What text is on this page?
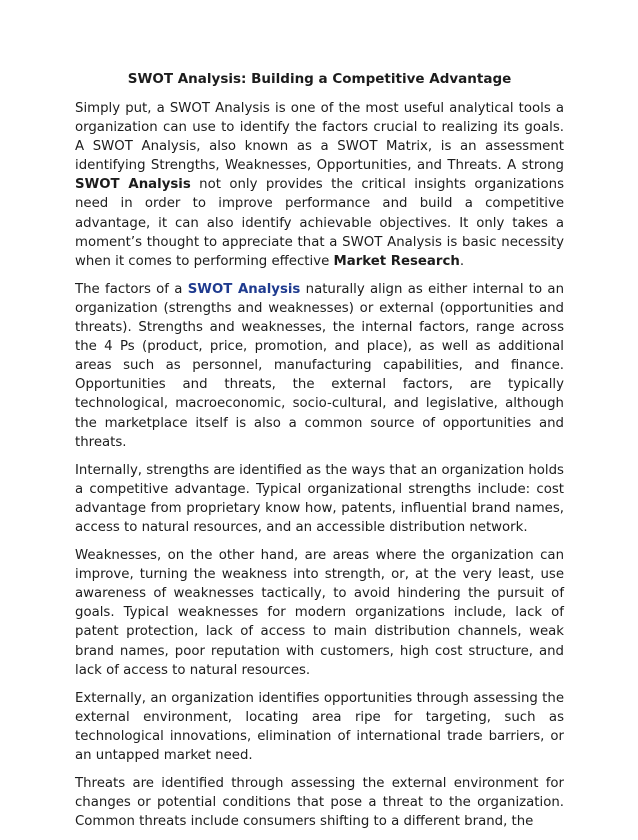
SWOT Analysis: Building a Competitive Advantage

Simply put, a SWOT Analysis is one of the most useful analytical tools a organization can use to identify the factors crucial to realizing its goals. A SWOT Analysis, also known as a SWOT Matrix, is an assessment identifying Strengths, Weaknesses, Opportunities, and Threats. A strong SWOT Analysis not only provides the critical insights organizations need in order to improve performance and build a competitive advantage, it can also identify achievable objectives. It only takes a moment’s thought to appreciate that a SWOT Analysis is basic necessity when it comes to performing effective Market Research.

The factors of a SWOT Analysis naturally align as either internal to an organization (strengths and weaknesses) or external (opportunities and threats). Strengths and weaknesses, the internal factors, range across the 4 Ps (product, price, promotion, and place), as well as additional areas such as personnel, manufacturing capabilities, and finance. Opportunities and threats, the external factors, are typically technological, macroeconomic, socio-cultural, and legislative, although the marketplace itself is also a common source of opportunities and threats.

Internally, strengths are identified as the ways that an organization holds a competitive advantage. Typical organizational strengths include: cost advantage from proprietary know how, patents, influential brand names, access to natural resources, and an accessible distribution network.

Weaknesses, on the other hand, are areas where the organization can improve, turning the weakness into strength, or, at the very least, use awareness of weaknesses tactically, to avoid hindering the pursuit of goals. Typical weaknesses for modern organizations include, lack of patent protection, lack of access to main distribution channels, weak brand names, poor reputation with customers, high cost structure, and lack of access to natural resources.

Externally, an organization identifies opportunities through assessing the external environment, locating area ripe for targeting, such as technological innovations, elimination of international trade barriers, or an untapped market need.

Threats are identified through assessing the external environment for changes or potential conditions that pose a threat to the organization. Common threats include consumers shifting to a different brand, the
